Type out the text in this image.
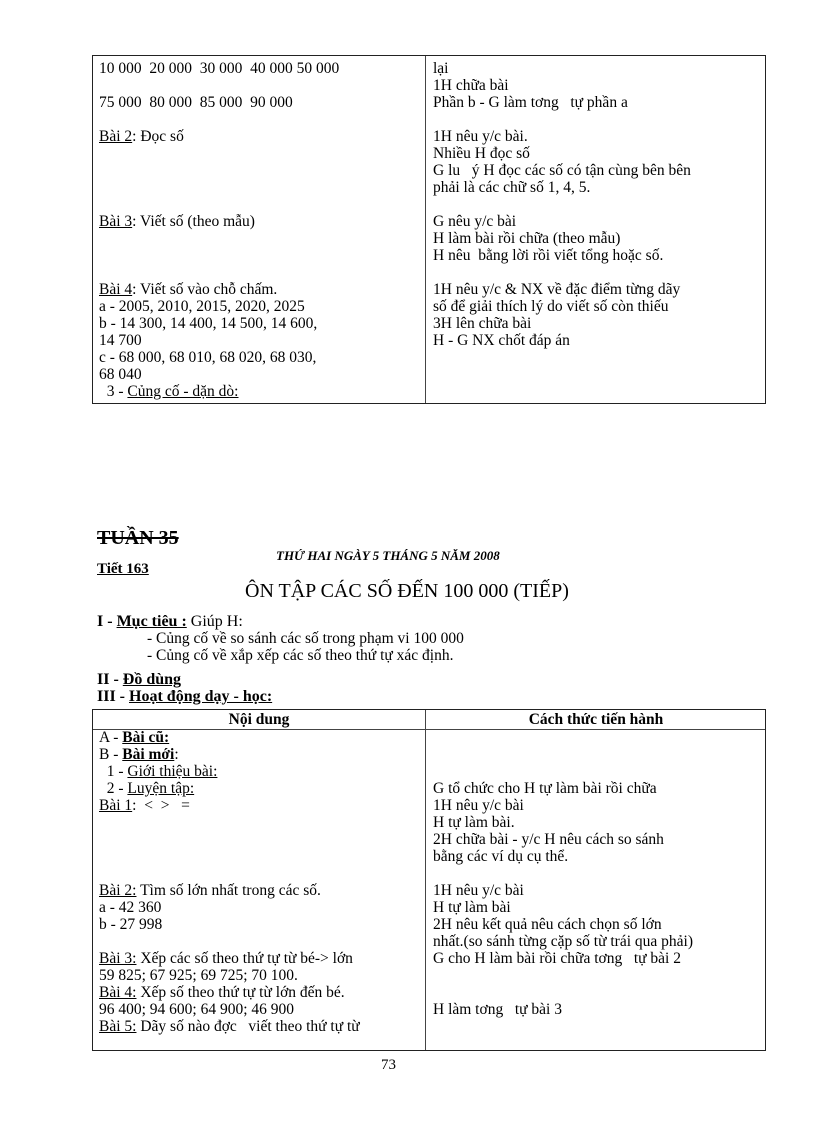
10 000  20 000  30 000  40 000 50 000
75 000  80 000  85 000  90 000
Bài 2: Đọc số
Bài 3: Viết số (theo mẫu)
Bài 4: Viết số vào chỗ chấm.
a - 2005, 2010, 2015, 2020, 2025
b - 14 300, 14 400, 14 500, 14 600,
14 700
c - 68 000, 68 010, 68 020, 68 030,
68 040
3 - Củng cố - dặn dò:
lại
1H chữa bài
Phần b - G làm tơng   tự phần a
1H nêu y/c bài.
Nhiều H đọc số
G lu   ý H đọc các số có tận cùng bên bên
phải là các chữ số 1, 4, 5.
G nêu y/c bài
H làm bài rồi chữa (theo mẫu)
H nêu  bằng lời rồi viết tổng hoặc số.
1H nêu y/c & NX về đặc điểm từng dãy
số để giải thích lý do viết số còn thiếu
3H lên chữa bài
H - G NX chốt đáp án
TUẦN 35
THỨ HAI NGÀY 5 THÁNG 5 NĂM 2008
Tiết 163
ÔN TẬP CÁC SỐ ĐẾN 100 000 (TIẾP)
I - Mục tiêu : Giúp H:
- Củng cố về so sánh các số trong phạm vi 100 000
- Củng cố về xắp xếp các số theo thứ tự xác định.
II - Đồ dùng
III - Hoạt động dạy - học:
Nội dung	Cách thức tiến hành
A - Bài cũ:
B - Bài mới:
1 - Giới thiệu bài:
2 - Luyện tập:
Bài 1:  <  >   =
Bài 2: Tìm số lớn nhất trong các số.
a - 42 360
b - 27 998
Bài 3: Xếp các số theo thứ tự từ bé-> lớn
59 825; 67 925; 69 725; 70 100.
Bài 4: Xếp số theo thứ tự từ lớn đến bé.
96 400; 94 600; 64 900; 46 900
Bài 5: Dãy số nào đợc   viết theo thứ tự từ
G tổ chức cho H tự làm bài rồi chữa
1H nêu y/c bài
H tự làm bài.
2H chữa bài - y/c H nêu cách so sánh
bằng các ví dụ cụ thể.
1H nêu y/c bài
H tự làm bài
2H nêu kết quả nêu cách chọn số lớn
nhất.(so sánh từng cặp số từ trái qua phải)
G cho H làm bài rồi chữa tơng   tự bài 2
H làm tơng   tự bài 3
73
